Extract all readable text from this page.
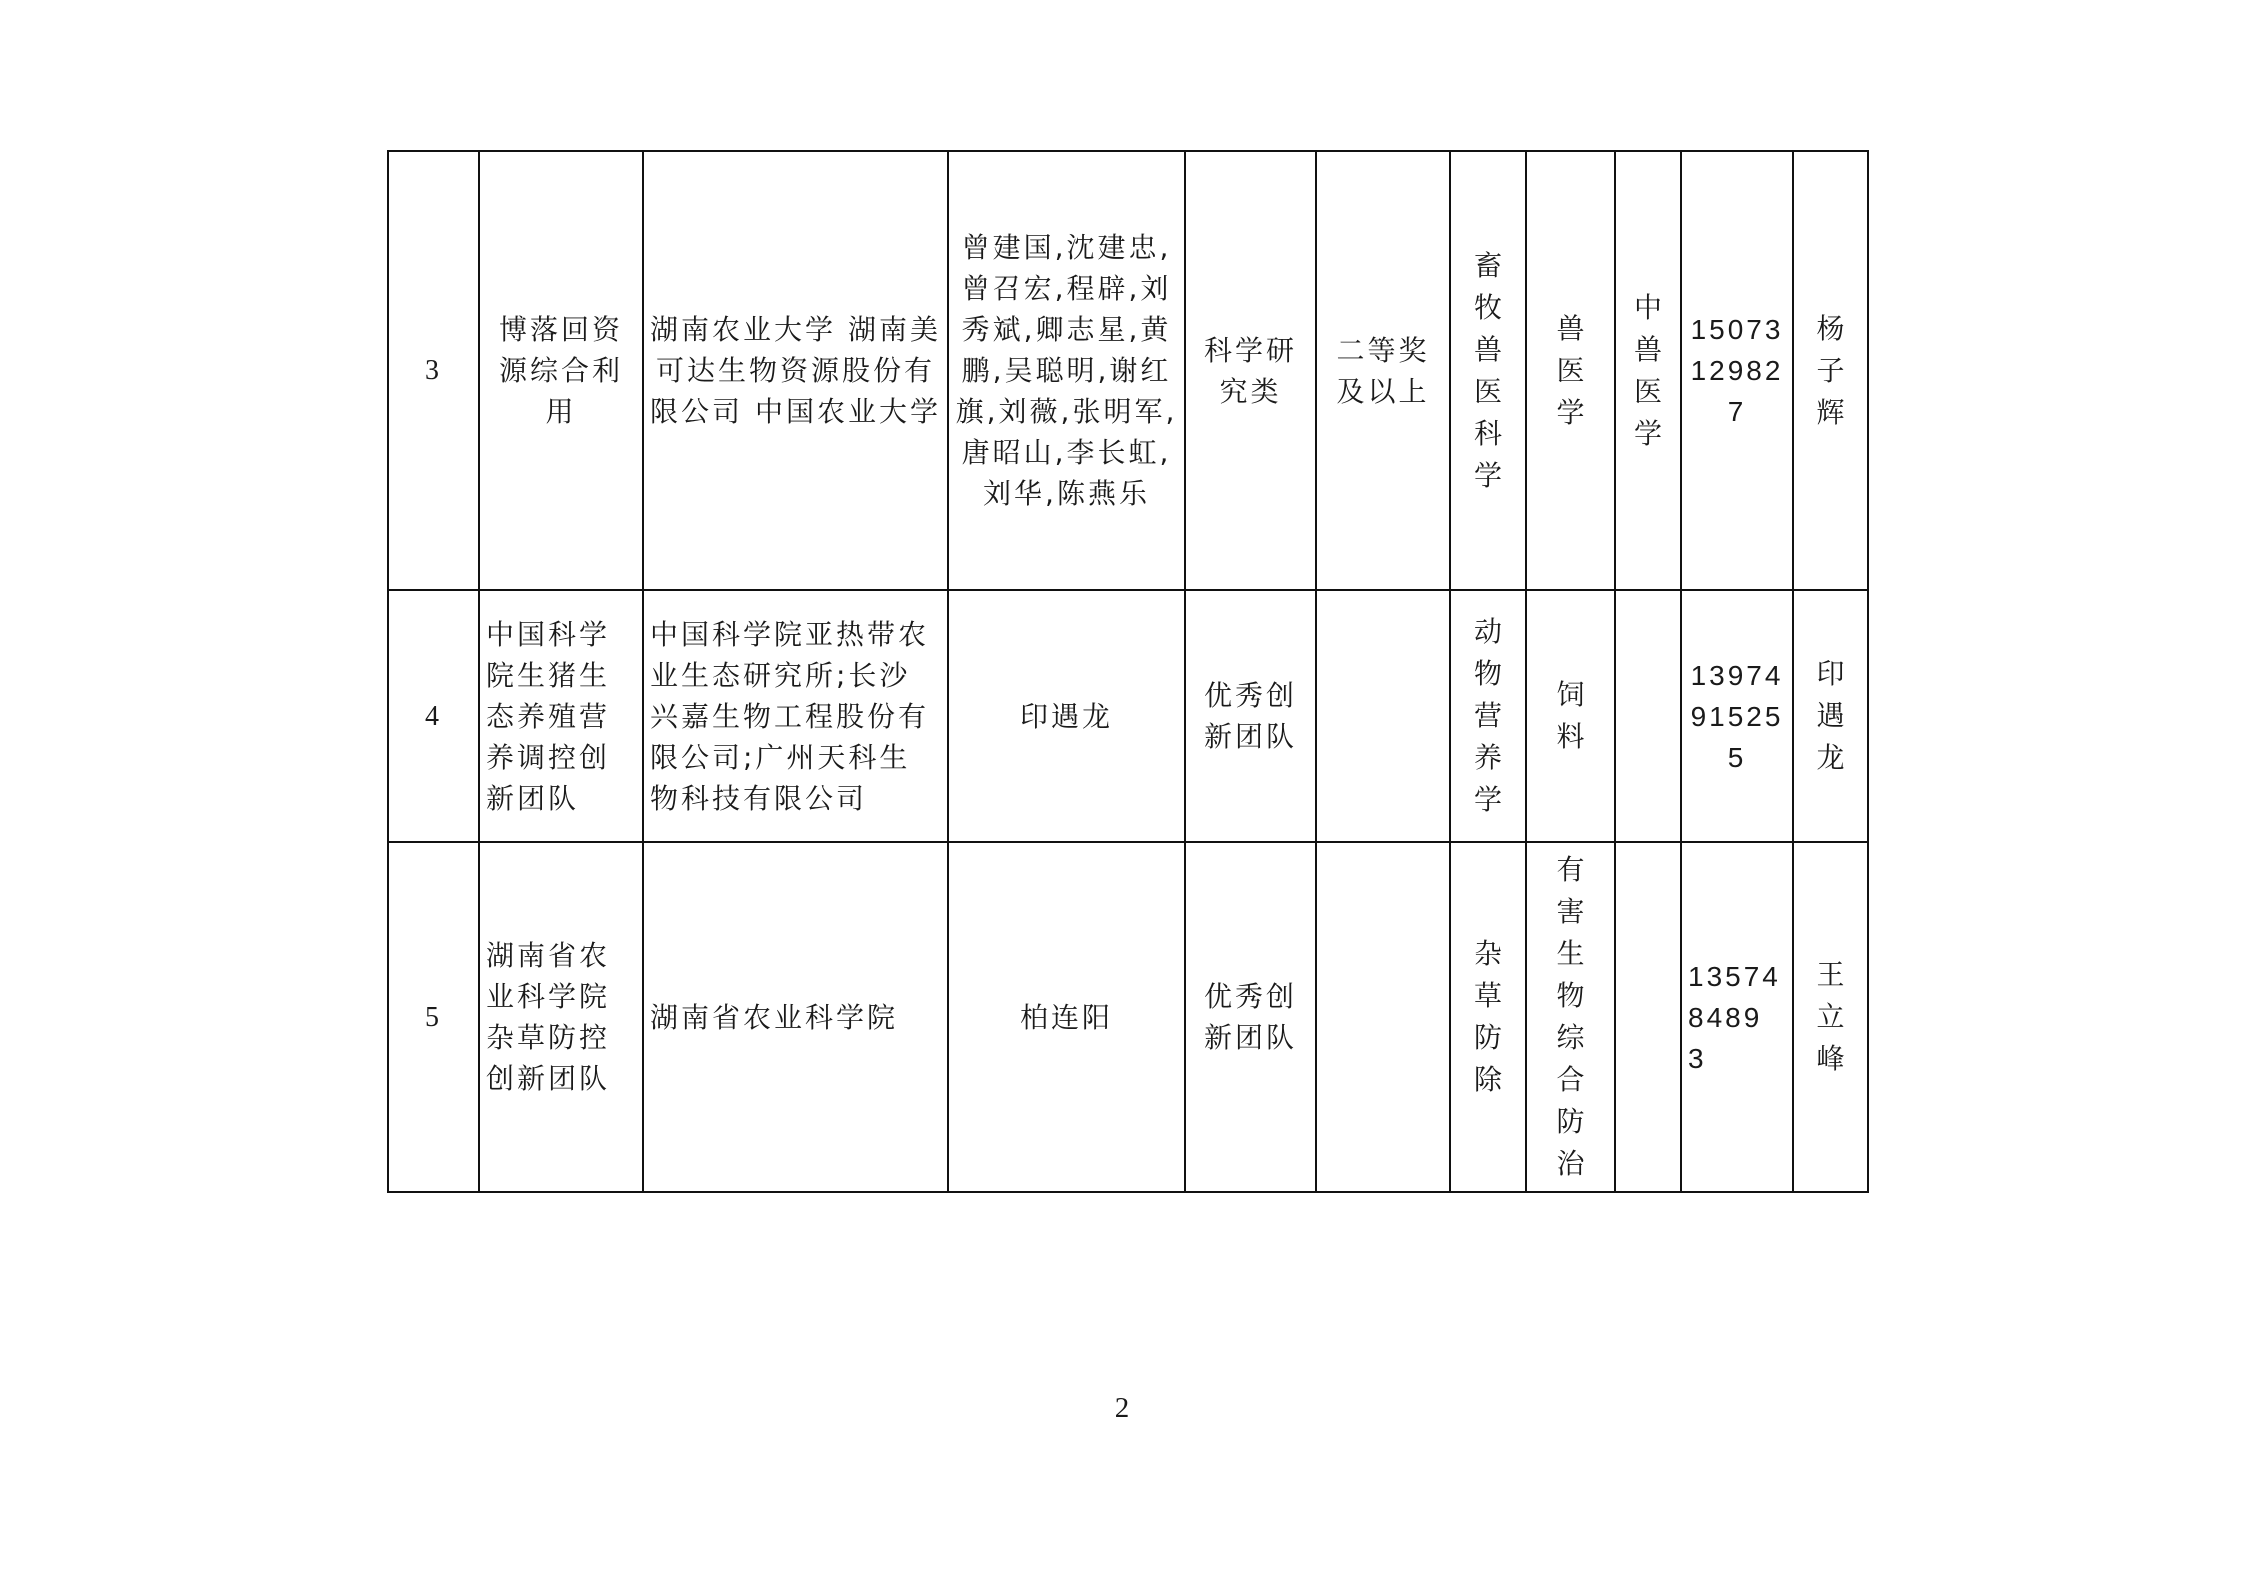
3	博落回资源综合利用	湖南农业大学 湖南美可达生物资源股份有限公司 中国农业大学	曾建国,沈建忠,曾召宏,程辟,刘秀斌,卿志星,黄鹏,吴聪明,谢红旗,刘薇,张明军,唐昭山,李长虹,刘华,陈燕乐	科学研究类	二等奖及以上	畜牧兽医科学	兽医学	中兽医学	15073129827	杨子辉
4	中国科学院生猪生态养殖营养调控创新团队	中国科学院亚热带农业生态研究所;长沙兴嘉生物工程股份有限公司;广州天科生物科技有限公司	印遇龙	优秀创新团队		动物营养学	饲料		13974915255	印遇龙
5	湖南省农业科学院杂草防控创新团队	湖南省农业科学院	柏连阳	优秀创新团队		杂草防除	有害生物综合防治		135748489 3	王立峰
2
